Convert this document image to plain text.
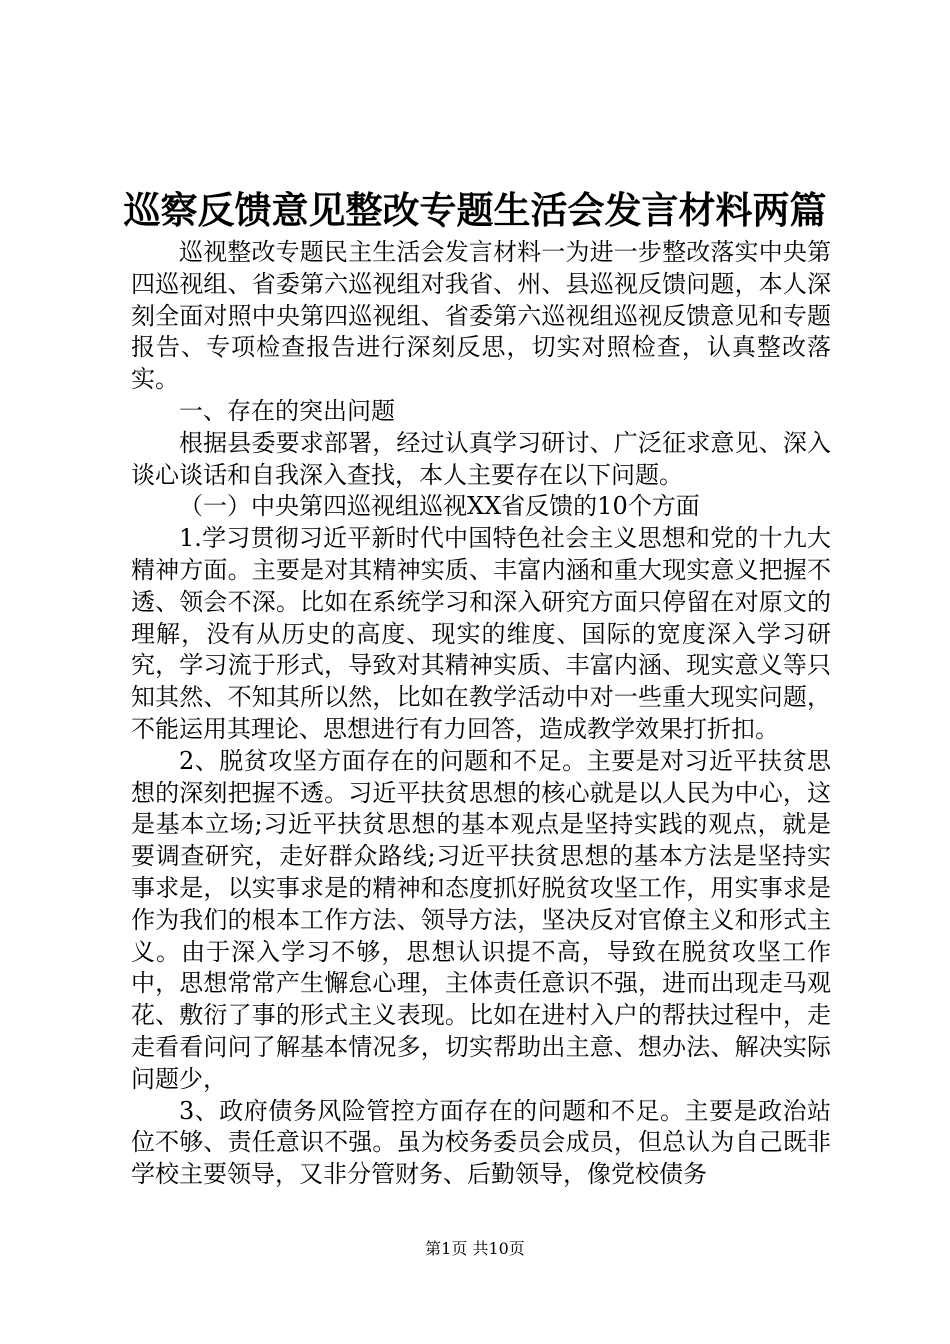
巡察反馈意见整改专题生活会发言材料两篇

巡视整改专题民主生活会发言材料一为进一步整改落实中央第四巡视组、省委第六巡视组对我省、州、县巡视反馈问题，本人深刻全面对照中央第四巡视组、省委第六巡视组巡视反馈意见和专题报告、专项检查报告进行深刻反思，切实对照检查，认真整改落实。

一、存在的突出问题

根据县委要求部署，经过认真学习研讨、广泛征求意见、深入谈心谈话和自我深入查找，本人主要存在以下问题。

（一）中央第四巡视组巡视XX省反馈的10个方面

1.学习贯彻习近平新时代中国特色社会主义思想和党的十九大精神方面。主要是对其精神实质、丰富内涵和重大现实意义把握不透、领会不深。比如在系统学习和深入研究方面只停留在对原文的理解，没有从历史的高度、现实的维度、国际的宽度深入学习研究，学习流于形式，导致对其精神实质、丰富内涵、现实意义等只知其然、不知其所以然，比如在教学活动中对一些重大现实问题，不能运用其理论、思想进行有力回答，造成教学效果打折扣。

2、脱贫攻坚方面存在的问题和不足。主要是对习近平扶贫思想的深刻把握不透。习近平扶贫思想的核心就是以人民为中心，这是基本立场;习近平扶贫思想的基本观点是坚持实践的观点，就是要调查研究，走好群众路线;习近平扶贫思想的基本方法是坚持实事求是，以实事求是的精神和态度抓好脱贫攻坚工作，用实事求是作为我们的根本工作方法、领导方法，坚决反对官僚主义和形式主义。由于深入学习不够，思想认识提不高，导致在脱贫攻坚工作中，思想常常产生懈怠心理，主体责任意识不强，进而出现走马观花、敷衍了事的形式主义表现。比如在进村入户的帮扶过程中，走走看看问问了解基本情况多，切实帮助出主意、想办法、解决实际问题少，

3、政府债务风险管控方面存在的问题和不足。主要是政治站位不够、责任意识不强。虽为校务委员会成员，但总认为自己既非学校主要领导，又非分管财务、后勤领导，像党校债务

第1页 共10页
